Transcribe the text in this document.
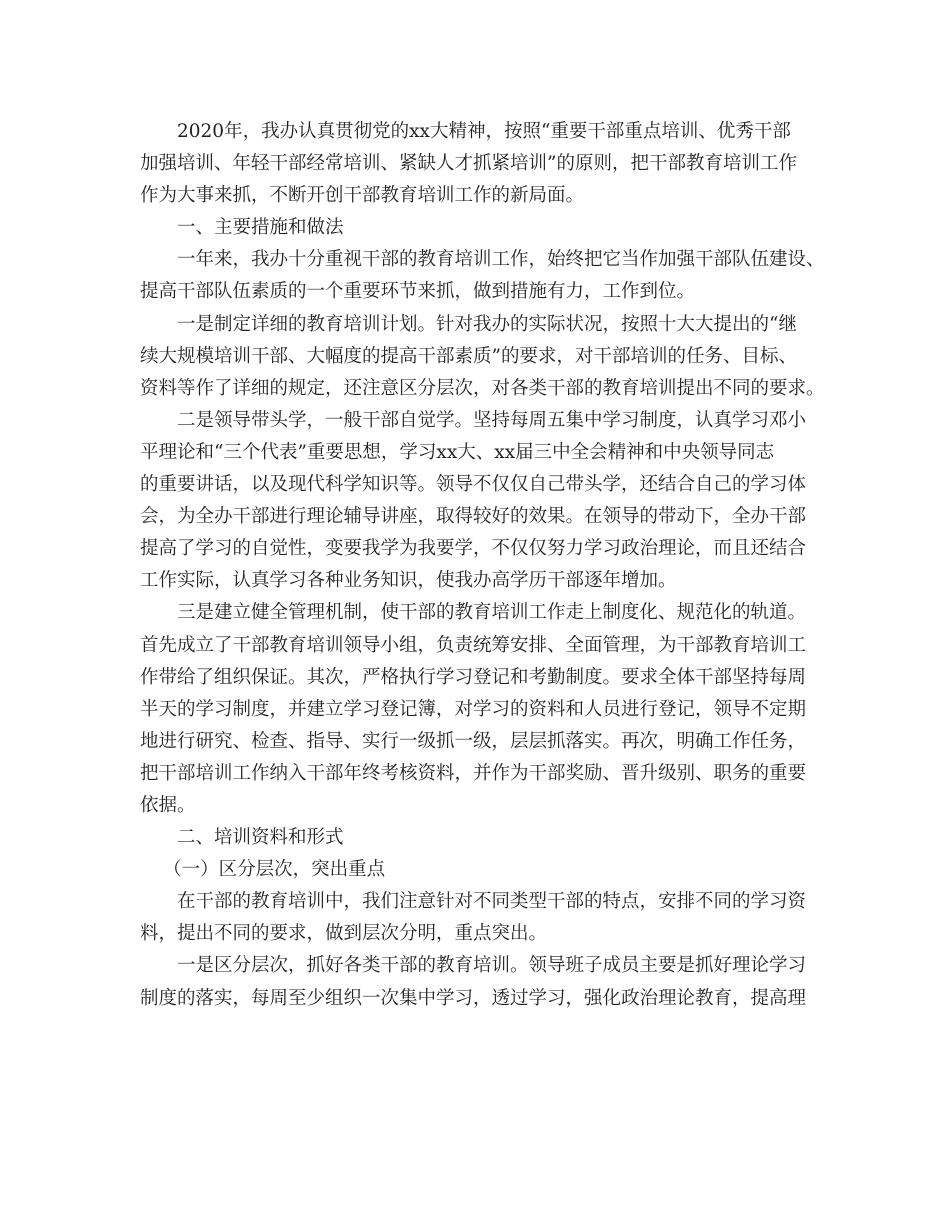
2020年，我办认真贯彻党的xx大精神，按照“重要干部重点培训、优秀干部
加强培训、年轻干部经常培训、紧缺人才抓紧培训”的原则，把干部教育培训工作
作为大事来抓，不断开创干部教育培训工作的新局面。
一、主要措施和做法
一年来，我办十分重视干部的教育培训工作，始终把它当作加强干部队伍建设、
提高干部队伍素质的一个重要环节来抓，做到措施有力，工作到位。
一是制定详细的教育培训计划。针对我办的实际状况，按照十大大提出的“继
续大规模培训干部、大幅度的提高干部素质”的要求，对干部培训的任务、目标、
资料等作了详细的规定，还注意区分层次，对各类干部的教育培训提出不同的要求。
二是领导带头学，一般干部自觉学。坚持每周五集中学习制度，认真学习邓小
平理论和“三个代表”重要思想，学习xx大、xx届三中全会精神和中央领导同志
的重要讲话，以及现代科学知识等。领导不仅仅自己带头学，还结合自己的学习体
会，为全办干部进行理论辅导讲座，取得较好的效果。在领导的带动下，全办干部
提高了学习的自觉性，变要我学为我要学，不仅仅努力学习政治理论，而且还结合
工作实际，认真学习各种业务知识，使我办高学历干部逐年增加。
三是建立健全管理机制，使干部的教育培训工作走上制度化、规范化的轨道。
首先成立了干部教育培训领导小组，负责统筹安排、全面管理，为干部教育培训工
作带给了组织保证。其次，严格执行学习登记和考勤制度。要求全体干部坚持每周
半天的学习制度，并建立学习登记簿，对学习的资料和人员进行登记，领导不定期
地进行研究、检查、指导、实行一级抓一级，层层抓落实。再次，明确工作任务，
把干部培训工作纳入干部年终考核资料，并作为干部奖励、晋升级别、职务的重要
依据。
二、培训资料和形式
（一）区分层次，突出重点
在干部的教育培训中，我们注意针对不同类型干部的特点，安排不同的学习资
料，提出不同的要求，做到层次分明，重点突出。
一是区分层次，抓好各类干部的教育培训。领导班子成员主要是抓好理论学习
制度的落实，每周至少组织一次集中学习，透过学习，强化政治理论教育，提高理
